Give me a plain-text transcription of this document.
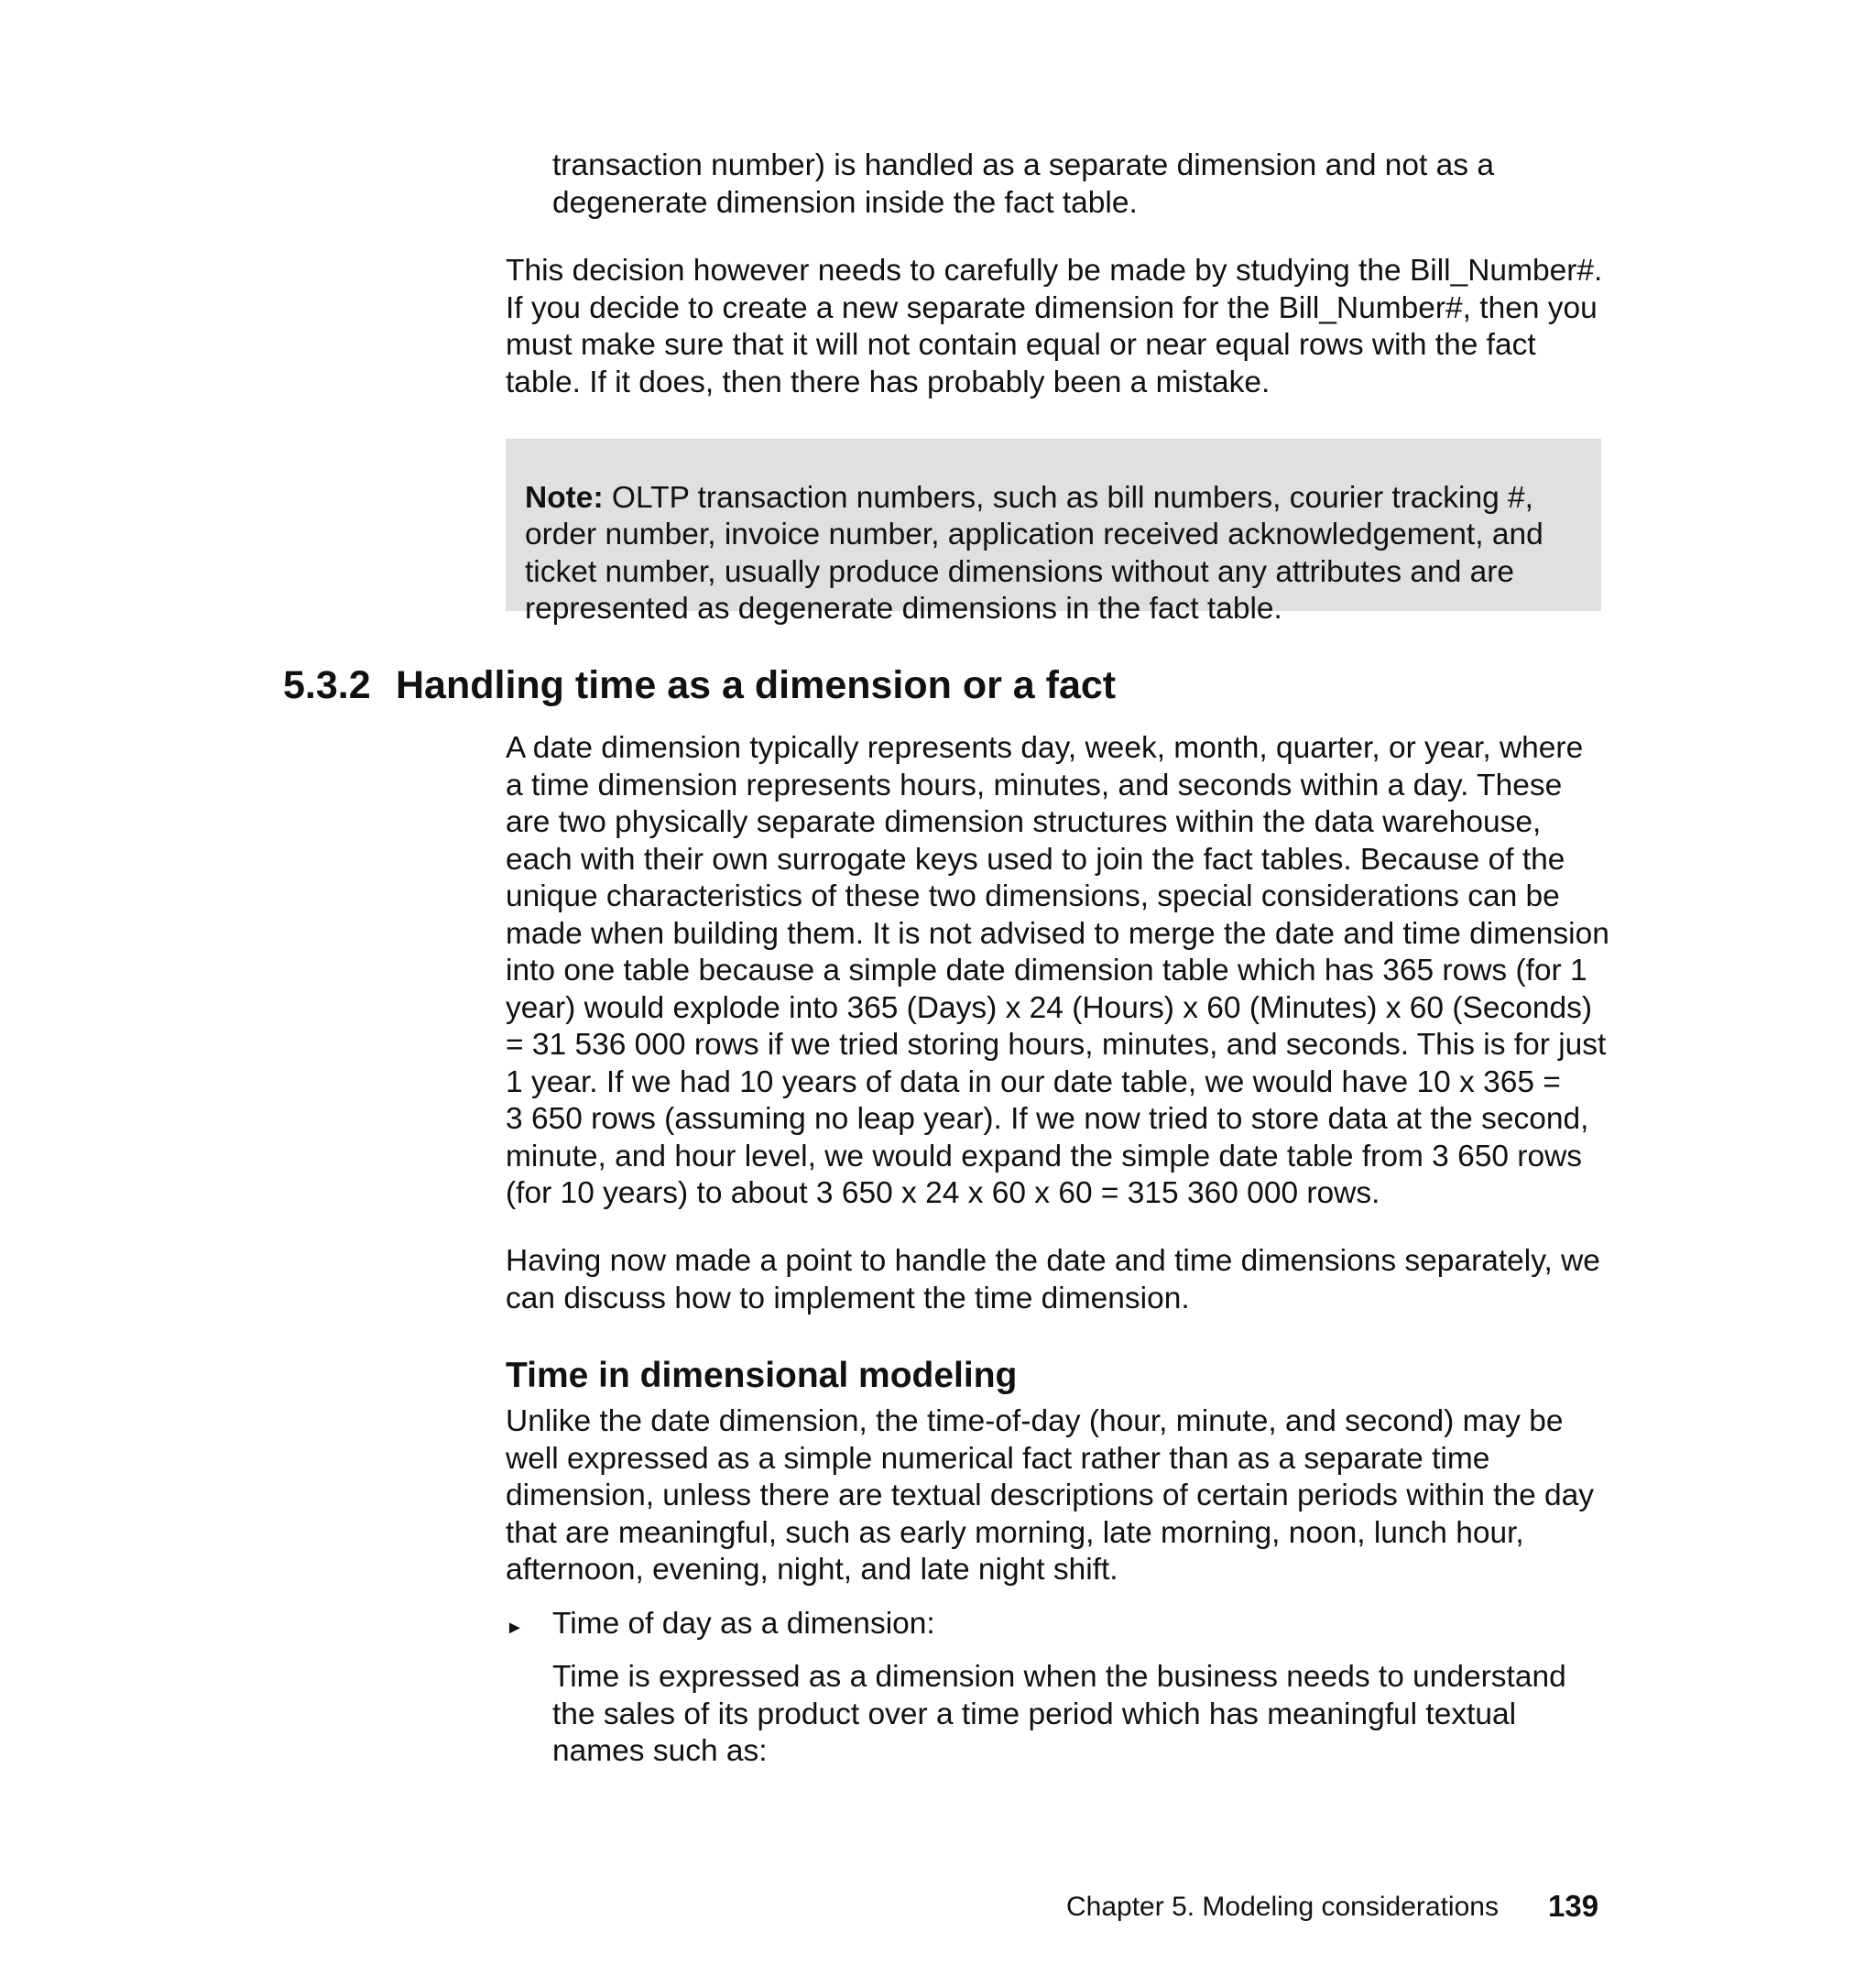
transaction number) is handled as a separate dimension and not as a
degenerate dimension inside the fact table.

This decision however needs to carefully be made by studying the Bill_Number#.
If you decide to create a new separate dimension for the Bill_Number#, then you
must make sure that it will not contain equal or near equal rows with the fact
table. If it does, then there has probably been a mistake.

Note: OLTP transaction numbers, such as bill numbers, courier tracking #,
order number, invoice number, application received acknowledgement, and
ticket number, usually produce dimensions without any attributes and are
represented as degenerate dimensions in the fact table.

5.3.2 Handling time as a dimension or a fact

A date dimension typically represents day, week, month, quarter, or year, where
a time dimension represents hours, minutes, and seconds within a day. These
are two physically separate dimension structures within the data warehouse,
each with their own surrogate keys used to join the fact tables. Because of the
unique characteristics of these two dimensions, special considerations can be
made when building them. It is not advised to merge the date and time dimension
into one table because a simple date dimension table which has 365 rows (for 1
year) would explode into 365 (Days) x 24 (Hours) x 60 (Minutes) x 60 (Seconds)
= 31 536 000 rows if we tried storing hours, minutes, and seconds. This is for just
1 year. If we had 10 years of data in our date table, we would have 10 x 365 =
3 650 rows (assuming no leap year). If we now tried to store data at the second,
minute, and hour level, we would expand the simple date table from 3 650 rows
(for 10 years) to about 3 650 x 24 x 60 x 60 = 315 360 000 rows.

Having now made a point to handle the date and time dimensions separately, we
can discuss how to implement the time dimension.

Time in dimensional modeling

Unlike the date dimension, the time-of-day (hour, minute, and second) may be
well expressed as a simple numerical fact rather than as a separate time
dimension, unless there are textual descriptions of certain periods within the day
that are meaningful, such as early morning, late morning, noon, lunch hour,
afternoon, evening, night, and late night shift.

► Time of day as a dimension:

Time is expressed as a dimension when the business needs to understand
the sales of its product over a time period which has meaningful textual
names such as:

Chapter 5. Modeling considerations 139
